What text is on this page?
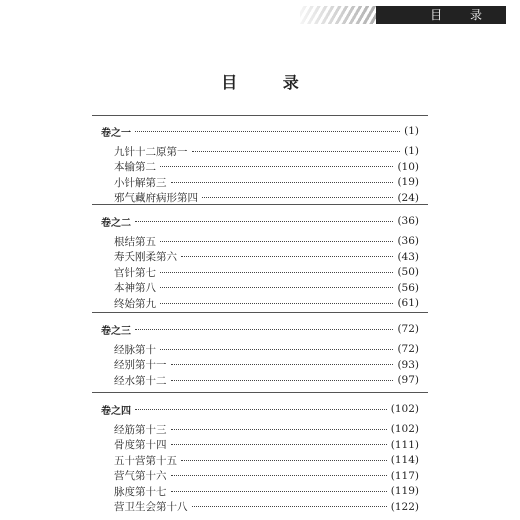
目 录
目 录
卷之一	(1)
九针十二原第一	(1)
本输第二	(10)
小针解第三	(19)
邪气藏府病形第四	(24)
卷之二	(36)
根结第五	(36)
寿夭刚柔第六	(43)
官针第七	(50)
本神第八	(56)
终始第九	(61)
卷之三	(72)
经脉第十	(72)
经别第十一	(93)
经水第十二	(97)
卷之四	(102)
经筋第十三	(102)
骨度第十四	(111)
五十营第十五	(114)
营气第十六	(117)
脉度第十七	(119)
营卫生会第十八	(122)
